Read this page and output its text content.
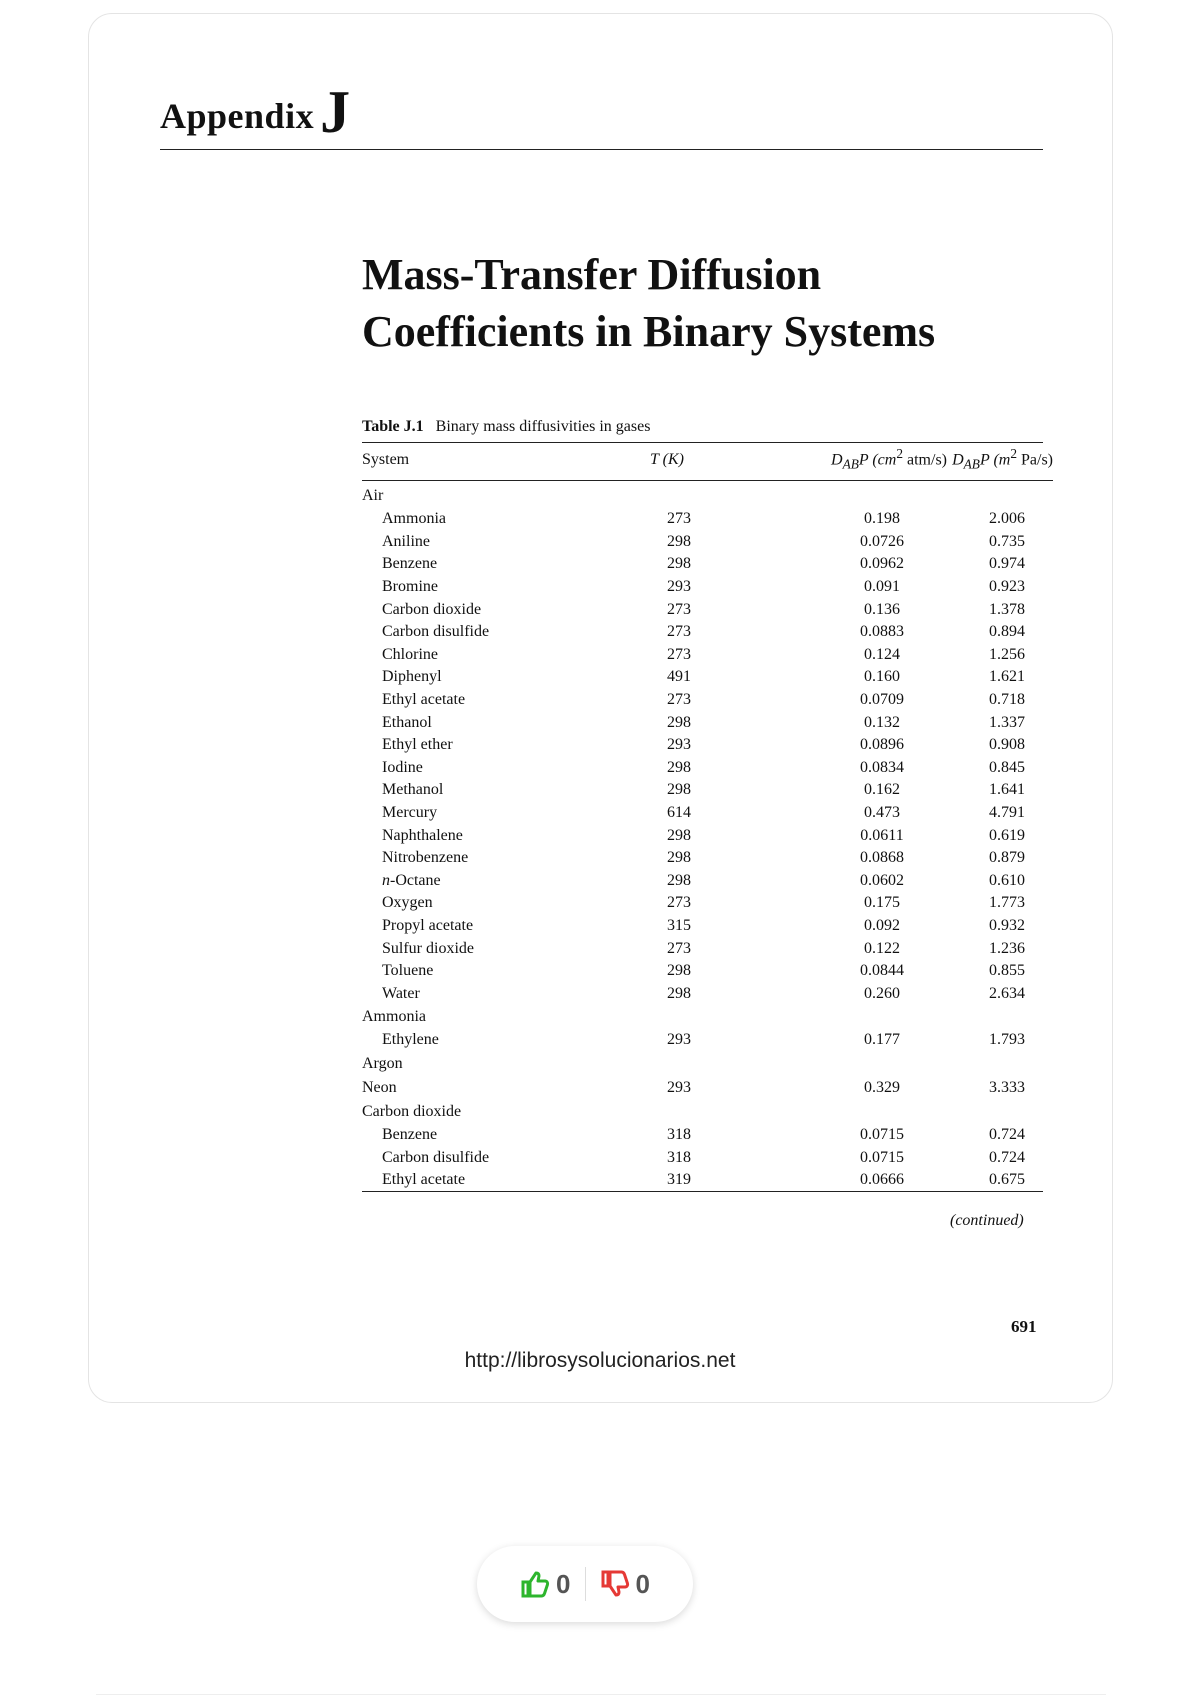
Appendix J
Mass-Transfer Diffusion
Coefficients in Binary Systems
Table J.1 Binary mass diffusivities in gases
System	T (K)	$D_{AB}P$ ($cm^2$ atm/s)	$D_{AB}P$ ($m^2$ Pa/s)

Air			
Ammonia	273	0.198	2.006
Aniline	298	0.0726	0.735
Benzene	298	0.0962	0.974
Bromine	293	0.091	0.923
Carbon dioxide	273	0.136	1.378
Carbon disulfide	273	0.0883	0.894
Chlorine	273	0.124	1.256
Diphenyl	491	0.160	1.621
Ethyl acetate	273	0.0709	0.718
Ethanol	298	0.132	1.337
Ethyl ether	293	0.0896	0.908
Iodine	298	0.0834	0.845
Methanol	298	0.162	1.641
Mercury	614	0.473	4.791
Naphthalene	298	0.0611	0.619
Nitrobenzene	298	0.0868	0.879
n-Octane	298	0.0602	0.610
Oxygen	273	0.175	1.773
Propyl acetate	315	0.092	0.932
Sulfur dioxide	273	0.122	1.236
Toluene	298	0.0844	0.855
Water	298	0.260	2.634
Ammonia			
Ethylene	293	0.177	1.793
Argon			
Neon	293	0.329	3.333
Carbon dioxide			
Benzene	318	0.0715	0.724
Carbon disulfide	318	0.0715	0.724
Ethyl acetate	319	0.0666	0.675
(continued)
691
http://librosysolucionarios.net
0	0
